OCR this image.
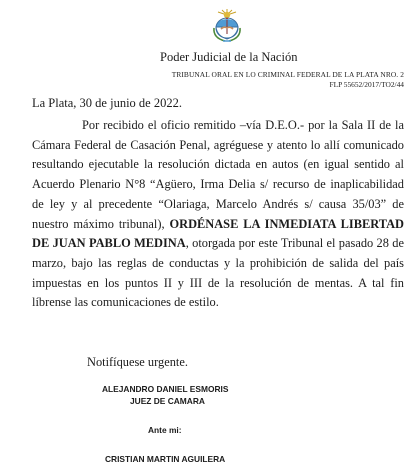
Poder Judicial de la Nación
TRIBUNAL ORAL EN LO CRIMINAL FEDERAL DE LA PLATA NRO. 2
FLP 55652/2017/TO2/44
La Plata, 30 de junio de 2022.

Por recibido el oficio remitido –vía D.E.O.- por la Sala II de la Cámara Federal de Casación Penal, agréguese y atento lo allí comunicado resultando ejecutable la resolución dictada en autos (en igual sentido al Acuerdo Plenario N°8 “Agüero, Irma Delia s/ recurso de inaplicabilidad de ley y al precedente “Olariaga, Marcelo Andrés s/ causa 35/03” de nuestro máximo tribunal), ORDÉNASE LA INMEDIATA LIBERTAD DE JUAN PABLO MEDINA, otorgada por este Tribunal el pasado 28 de marzo, bajo las reglas de conductas y la prohibición de salida del país impuestas en los puntos II y III de la resolución de mentas. A tal fin líbrense las comunicaciones de estilo.

Notifíquese urgente.
ALEJANDRO DANIEL ESMORIS
JUEZ DE CAMARA
Ante mi:
CRISTIAN MARTIN AGUILERA
